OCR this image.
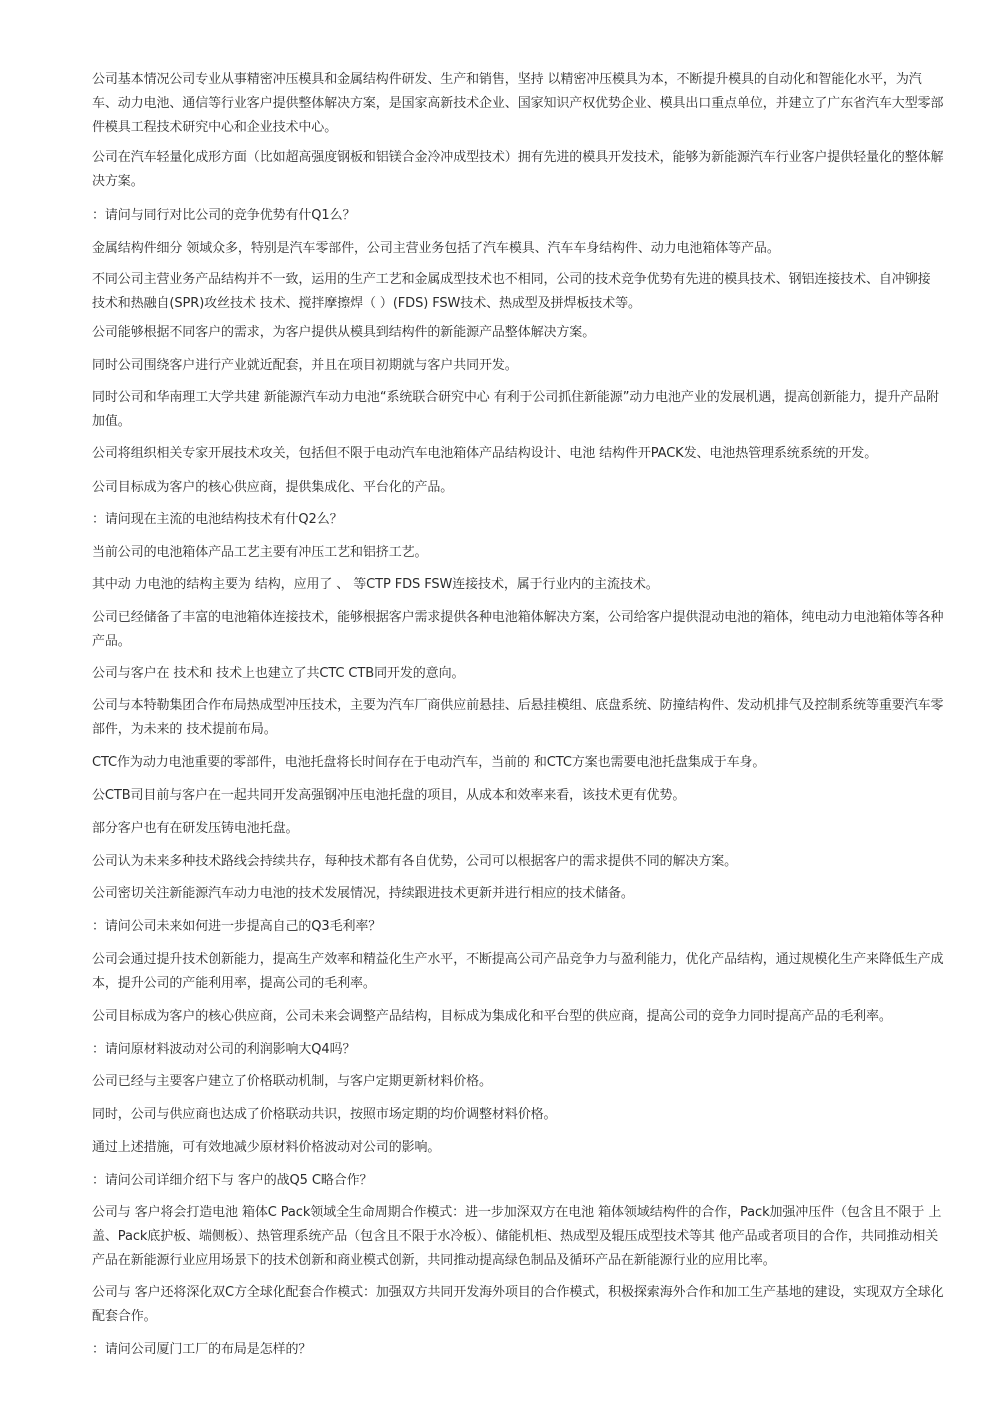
公司基本情况公司专业从事精密冲压模具和金属结构件研发、生产和销售，坚持 以精密冲压模具为本，不断提升模具的自动化和智能化水平，为汽车、动力电池、通信等行业客户提供整体解决方案，是国家高新技术企业、国家知识产权优势企业、模具出口重点单位，并建立了广东省汽车大型零部件模具工程技术研究中心和企业技术中心。

公司在汽车轻量化成形方面（比如超高强度钢板和铝镁合金冷冲成型技术）拥有先进的模具开发技术，能够为新能源汽车行业客户提供轻量化的整体解决方案。

：请问与同行对比公司的竞争优势有什Q1么？

金属结构件细分 领域众多，特别是汽车零部件，公司主营业务包括了汽车模具、汽车车身结构件、动力电池箱体等产品。

不同公司主营业务产品结构并不一致，运用的生产工艺和金属成型技术也不相同，公司的技术竞争优势有先进的模具技术、钢铝连接技术、自冲铆接 技术和热融自(SPR)攻丝技术 技术、搅拌摩擦焊（ ）(FDS) FSW技术、热成型及拼焊板技术等。

公司能够根据不同客户的需求，为客户提供从模具到结构件的新能源产品整体解决方案。

同时公司围绕客户进行产业就近配套，并且在项目初期就与客户共同开发。

同时公司和华南理工大学共建 新能源汽车动力电池“系统联合研究中心 有利于公司抓住新能源”动力电池产业的发展机遇，提高创新能力，提升产品附加值。

公司将组织相关专家开展技术攻关，包括但不限于电动汽车电池箱体产品结构设计、电池 结构件开PACK发、电池热管理系统系统的开发。

公司目标成为客户的核心供应商，提供集成化、平台化的产品。

：请问现在主流的电池结构技术有什Q2么？

当前公司的电池箱体产品工艺主要有冲压工艺和铝挤工艺。

其中动 力电池的结构主要为 结构，应用了 、 等CTP FDS FSW连接技术，属于行业内的主流技术。

公司已经储备了丰富的电池箱体连接技术，能够根据客户需求提供各种电池箱体解决方案，公司给客户提供混动电池的箱体，纯电动力电池箱体等各种产品。

公司与客户在 技术和 技术上也建立了共CTC CTB同开发的意向。

公司与本特勒集团合作布局热成型冲压技术，主要为汽车厂商供应前悬挂、后悬挂模组、底盘系统、防撞结构件、发动机排气及控制系统等重要汽车零部件，为未来的 技术提前布局。

CTC作为动力电池重要的零部件，电池托盘将长时间存在于电动汽车，当前的 和CTC方案也需要电池托盘集成于车身。

公CTB司目前与客户在一起共同开发高强钢冲压电池托盘的项目，从成本和效率来看，该技术更有优势。

部分客户也有在研发压铸电池托盘。

公司认为未来多种技术路线会持续共存，每种技术都有各自优势，公司可以根据客户的需求提供不同的解决方案。

公司密切关注新能源汽车动力电池的技术发展情况，持续跟进技术更新并进行相应的技术储备。

：请问公司未来如何进一步提高自己的Q3毛利率？

公司会通过提升技术创新能力，提高生产效率和精益化生产水平，不断提高公司产品竞争力与盈利能力，优化产品结构，通过规模化生产来降低生产成本，提升公司的产能利用率，提高公司的毛利率。

公司目标成为客户的核心供应商，公司未来会调整产品结构，目标成为集成化和平台型的供应商，提高公司的竞争力同时提高产品的毛利率。

：请问原材料波动对公司的利润影响大Q4吗？

公司已经与主要客户建立了价格联动机制，与客户定期更新材料价格。

同时，公司与供应商也达成了价格联动共识，按照市场定期的均价调整材料价格。

通过上述措施，可有效地减少原材料价格波动对公司的影响。

：请问公司详细介绍下与 客户的战Q5 C略合作？

公司与 客户将会打造电池 箱体C Pack领域全生命周期合作模式：进一步加深双方在电池 箱体领域结构件的合作，Pack加强冲压件（包含且不限于 上盖、Pack底护板、端侧板）、热管理系统产品（包含且不限于水冷板）、储能机柜、热成型及辊压成型技术等其 他产品或者项目的合作，共同推动相关产品在新能源行业应用场景下的技术创新和商业模式创新，共同推动提高绿色制品及循环产品在新能源行业的应用比率。

公司与 客户还将深化双C方全球化配套合作模式：加强双方共同开发海外项目的合作模式，积极探索海外合作和加工生产基地的建设，实现双方全球化配套合作。

：请问公司厦门工厂的布局是怎样的？
